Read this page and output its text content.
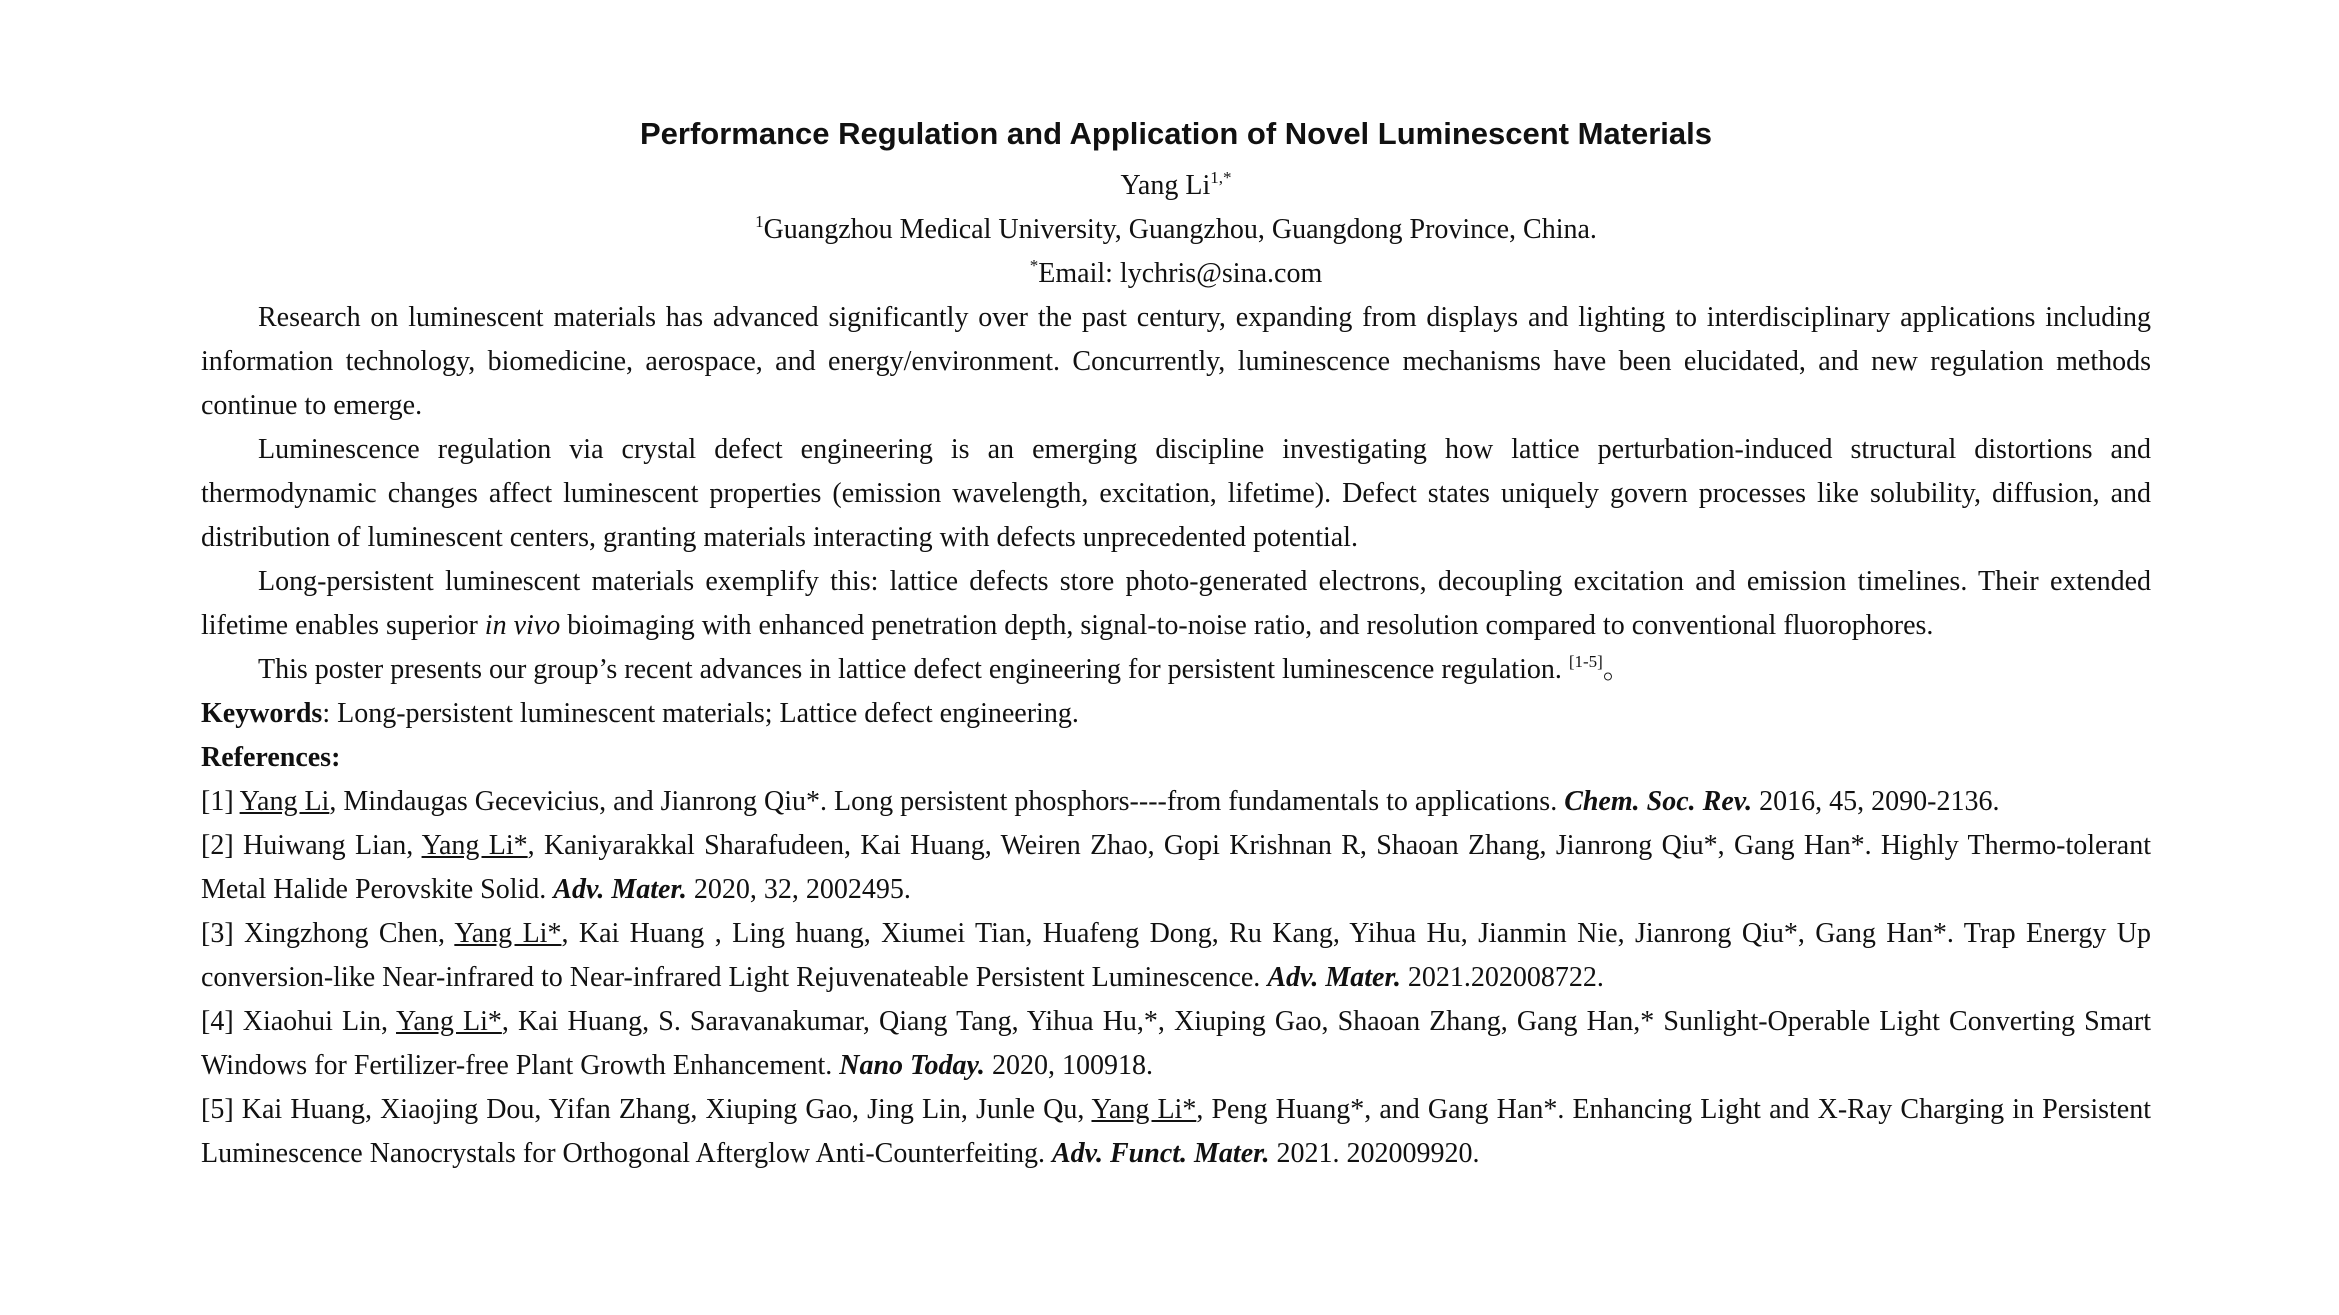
Performance Regulation and Application of Novel Luminescent Materials

Yang $Li^{1,*}$

$^1$Guangzhou Medical University, Guangzhou, Guangdong Province, China.

*Email: lychris@sina.com

Research on luminescent materials has advanced significantly over the past century, expanding from displays and lighting to interdisciplinary applications including information technology, biomedicine, aerospace, and energy/environment. Concurrently, luminescence mechanisms have been elucidated, and new regulation methods continue to emerge.

Luminescence regulation via crystal defect engineering is an emerging discipline investigating how lattice perturbation-induced structural distortions and thermodynamic changes affect luminescent properties (emission wavelength, excitation, lifetime). Defect states uniquely govern processes like solubility, diffusion, and distribution of luminescent centers, granting materials interacting with defects unprecedented potential.

Long-persistent luminescent materials exemplify this: lattice defects store photo-generated electrons, decoupling excitation and emission timelines. Their extended lifetime enables superior in vivo bioimaging with enhanced penetration depth, signal-to-noise ratio, and resolution compared to conventional fluorophores.

This poster presents our group’s recent advances in lattice defect engineering for persistent luminescence regulation. [1-5]。

Keywords: Long-persistent luminescent materials; Lattice defect engineering.

References:

[1] Yang Li, Mindaugas Gecevicius, and Jianrong Qiu*. Long persistent phosphors----from fundamentals to applications. Chem. Soc. Rev. 2016, 45, 2090-2136.

[2] Huiwang Lian, Yang Li*, Kaniyarakkal Sharafudeen, Kai Huang, Weiren Zhao, Gopi Krishnan R, Shaoan Zhang, Jianrong Qiu*, Gang Han*. Highly Thermo-tolerant Metal Halide Perovskite Solid. Adv. Mater. 2020, 32, 2002495.

[3] Xingzhong Chen, Yang Li*, Kai Huang , Ling huang, Xiumei Tian, Huafeng Dong, Ru Kang, Yihua Hu, Jianmin Nie, Jianrong Qiu*, Gang Han*. Trap Energy Up conversion-like Near-infrared to Near-infrared Light Rejuvenateable Persistent Luminescence. Adv. Mater. 2021.202008722.

[4] Xiaohui Lin, Yang Li*, Kai Huang, S. Saravanakumar, Qiang Tang, Yihua Hu,*, Xiuping Gao, Shaoan Zhang, Gang Han,* Sunlight-Operable Light Converting Smart Windows for Fertilizer-free Plant Growth Enhancement. Nano Today. 2020, 100918.

[5] Kai Huang, Xiaojing Dou, Yifan Zhang, Xiuping Gao, Jing Lin, Junle Qu, Yang Li*, Peng Huang*, and Gang Han*. Enhancing Light and X-Ray Charging in Persistent Luminescence Nanocrystals for Orthogonal Afterglow Anti-Counterfeiting. Adv. Funct. Mater. 2021. 202009920.
